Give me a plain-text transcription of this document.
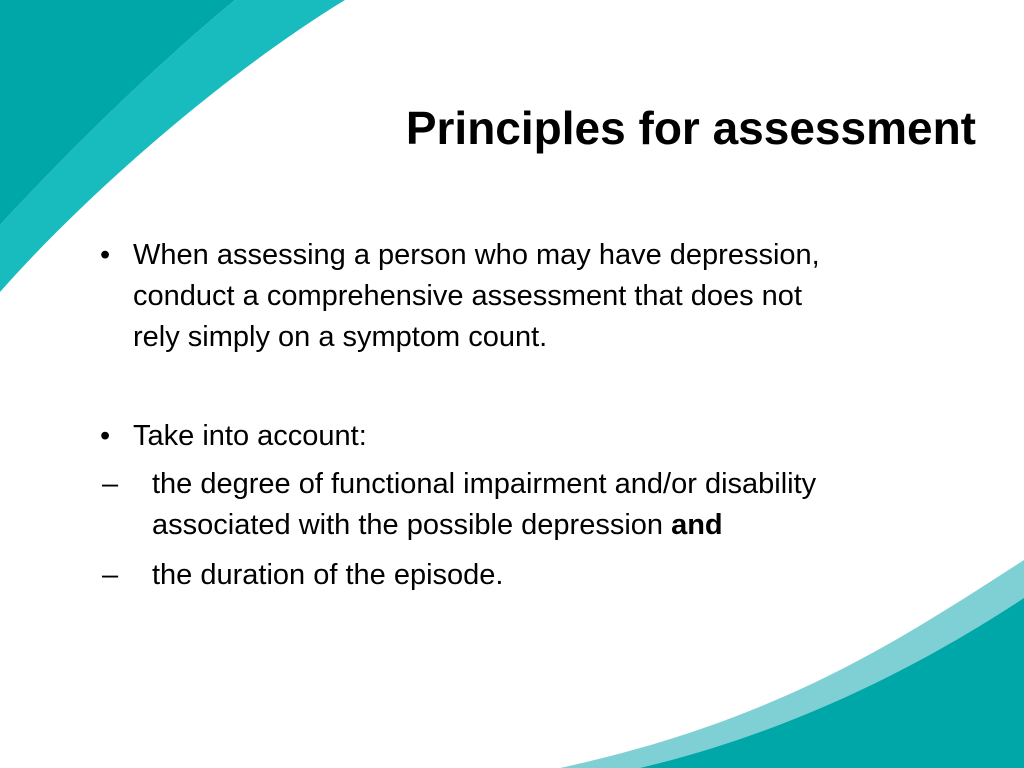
Principles for assessment
• When assessing a person who may have depression,
conduct a comprehensive assessment that does not
rely simply on a symptom count.
• Take into account:
–	the degree of functional impairment and/or disability
associated with the possible depression and
–	the duration of the episode.
